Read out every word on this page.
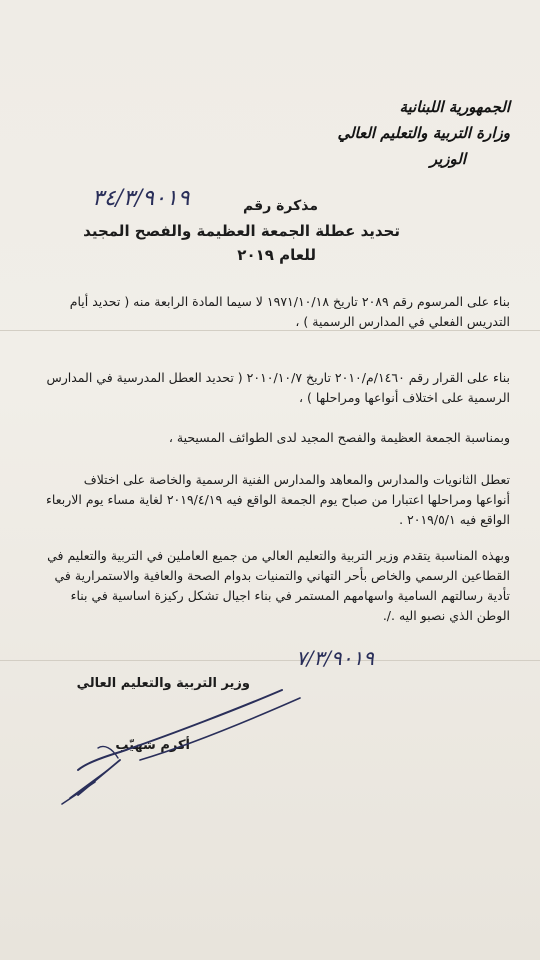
الجمهورية اللبنانية
وزارة التربية والتعليم العالي
الوزير
٣٤/٣/٩٠١٩	مذكرة رقم
تحديد عطلة الجمعة العظيمة والفصح المجيد
للعام ٢٠١٩
بناء على المرسوم رقم ٢٠٨٩ تاريخ ١٩٧١/١٠/١٨ لا سيما المادة الرابعة منه ( تحديد أيام التدريس الفعلي في المدارس الرسمية ) ،
بناء على القرار رقم ١٤٦٠/م/٢٠١٠ تاريخ ٢٠١٠/١٠/٧ ( تحديد العطل المدرسية في المدارس الرسمية على اختلاف أنواعها ومراحلها ) ،
وبمناسبة الجمعة العظيمة والفصح المجيد لدى الطوائف المسيحية ،
تعطل الثانويات والمدارس والمعاهد والمدارس الفنية الرسمية والخاصة على اختلاف أنواعها ومراحلها اعتبارا من صباح يوم الجمعة الواقع فيه ٢٠١٩/٤/١٩ لغاية مساء يوم الاربعاء الواقع فيه ٢٠١٩/٥/١ .
وبهذه المناسبة يتقدم وزير التربية والتعليم العالي من جميع العاملين في التربية والتعليم في القطاعين الرسمي والخاص بأحر التهاني والتمنيات بدوام الصحة والعافية والاستمرارية في تأدية رسالتهم السامية واسهامهم المستمر في بناء اجيال تشكل ركيزة اساسية في بناء الوطن الذي نصبو اليه ./.
٧/٣/٩٠١٩
وزير التربية والتعليم العالي
أكرم شهيّب
